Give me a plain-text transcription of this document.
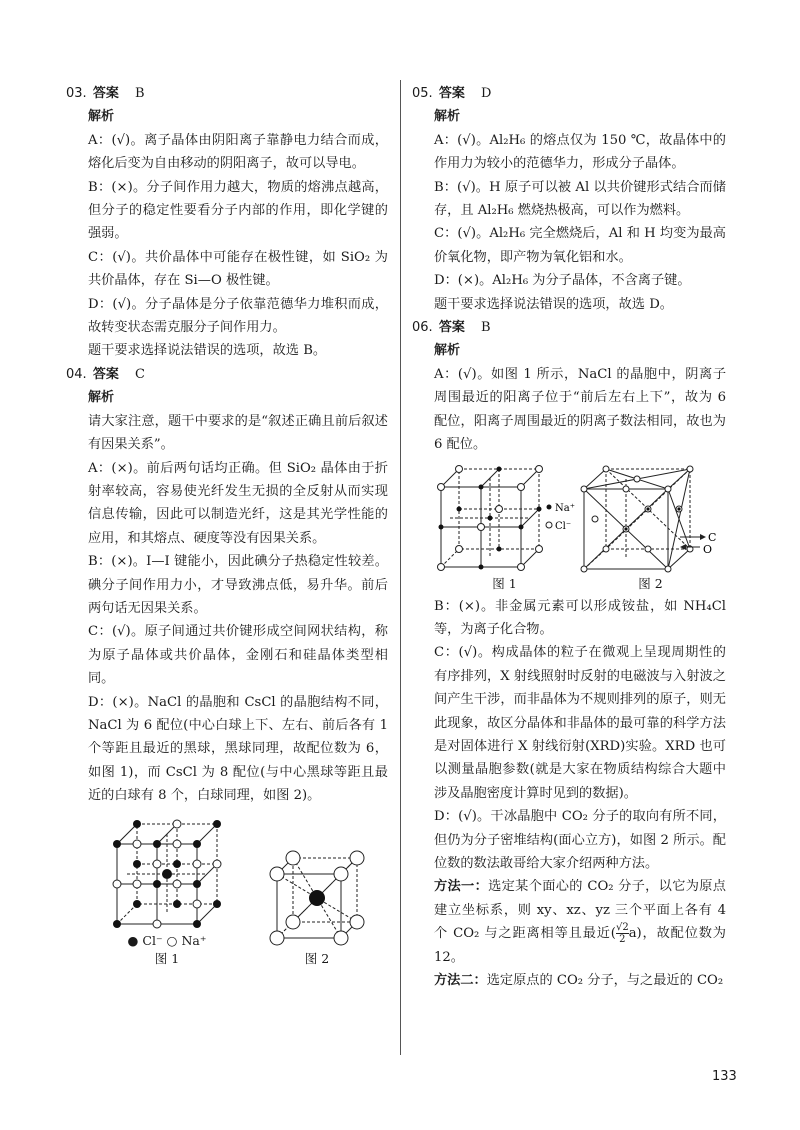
03. 答案 B
解析

A：(√)。离子晶体由阴阳离子靠静电力结合而成，熔化后变为自由移动的阴阳离子，故可以导电。

B：(×)。分子间作用力越大，物质的熔沸点越高，但分子的稳定性要看分子内部的作用，即化学键的强弱。

C：(√)。共价晶体中可能存在极性键，如 SiO₂ 为共价晶体，存在 Si—O 极性键。

D：(√)。分子晶体是分子依靠范德华力堆积而成，故转变状态需克服分子间作用力。

题干要求选择说法错误的选项，故选 B。

04. 答案 C
解析

请大家注意，题干中要求的是“叙述正确且前后叙述有因果关系”。

A：(×)。前后两句话均正确。但 SiO₂ 晶体由于折射率较高，容易使光纤发生无损的全反射从而实现信息传输，因此可以制造光纤，这是其光学性能的应用，和其熔点、硬度等没有因果关系。

B：(×)。I—I 键能小，因此碘分子热稳定性较差。碘分子间作用力小，才导致沸点低，易升华。前后两句话无因果关系。

C：(√)。原子间通过共价键形成空间网状结构，称为原子晶体或共价晶体，金刚石和硅晶体类型相同。

D：(×)。NaCl 的晶胞和 CsCl 的晶胞结构不同，NaCl 为 6 配位(中心白球上下、左右、前后各有 1 个等距且最近的黑球，黑球同理，故配位数为 6，如图 1)，而 CsCl 为 8 配位(与中心黑球等距且最近的白球有 8 个，白球同理，如图 2)。

● Cl⁻ ○ Na⁺
图 1	图 2
05. 答案 D
解析

A：(√)。Al₂H₆ 的熔点仅为 150 ℃，故晶体中的作用力为较小的范德华力，形成分子晶体。

B：(√)。H 原子可以被 Al 以共价键形式结合而储存，且 Al₂H₆ 燃烧热极高，可以作为燃料。

C：(√)。Al₂H₆ 完全燃烧后，Al 和 H 均变为最高价氧化物，即产物为氧化铝和水。

D：(×)。Al₂H₆ 为分子晶体，不含离子键。

题干要求选择说法错误的选项，故选 D。

06. 答案 B
解析

A：(√)。如图 1 所示，NaCl 的晶胞中，阴离子周围最近的阳离子位于“前后左右上下”，故为 6 配位，阳离子周围最近的阴离子数法相同，故也为 6 配位。

Na⁺
Cl⁻
图 1
C
O
图 2

B：(×)。非金属元素可以形成铵盐，如 NH₄Cl 等，为离子化合物。

C：(√)。构成晶体的粒子在微观上呈现周期性的有序排列，X 射线照射时反射的电磁波与入射波之间产生干涉，而非晶体为不规则排列的原子，则无此现象，故区分晶体和非晶体的最可靠的科学方法是对固体进行 X 射线衍射(XRD)实验。XRD 也可以测量晶胞参数(就是大家在物质结构综合大题中涉及晶胞密度计算时见到的数据)。

D：(√)。干冰晶胞中 CO₂ 分子的取向有所不同，但仍为分子密堆结构(面心立方)，如图 2 所示。配位数的数法敢哥给大家介绍两种方法。

方法一：选定某个面心的 CO₂ 分子，以它为原点建立坐标系，则 xy、xz、yz 三个平面上各有 4 个 CO₂ 与之距离相等且最近( $\frac{√2}{2} a$)，故配位数为 12。

方法二：选定原点的 CO₂ 分子，与之最近的 CO₂

133
